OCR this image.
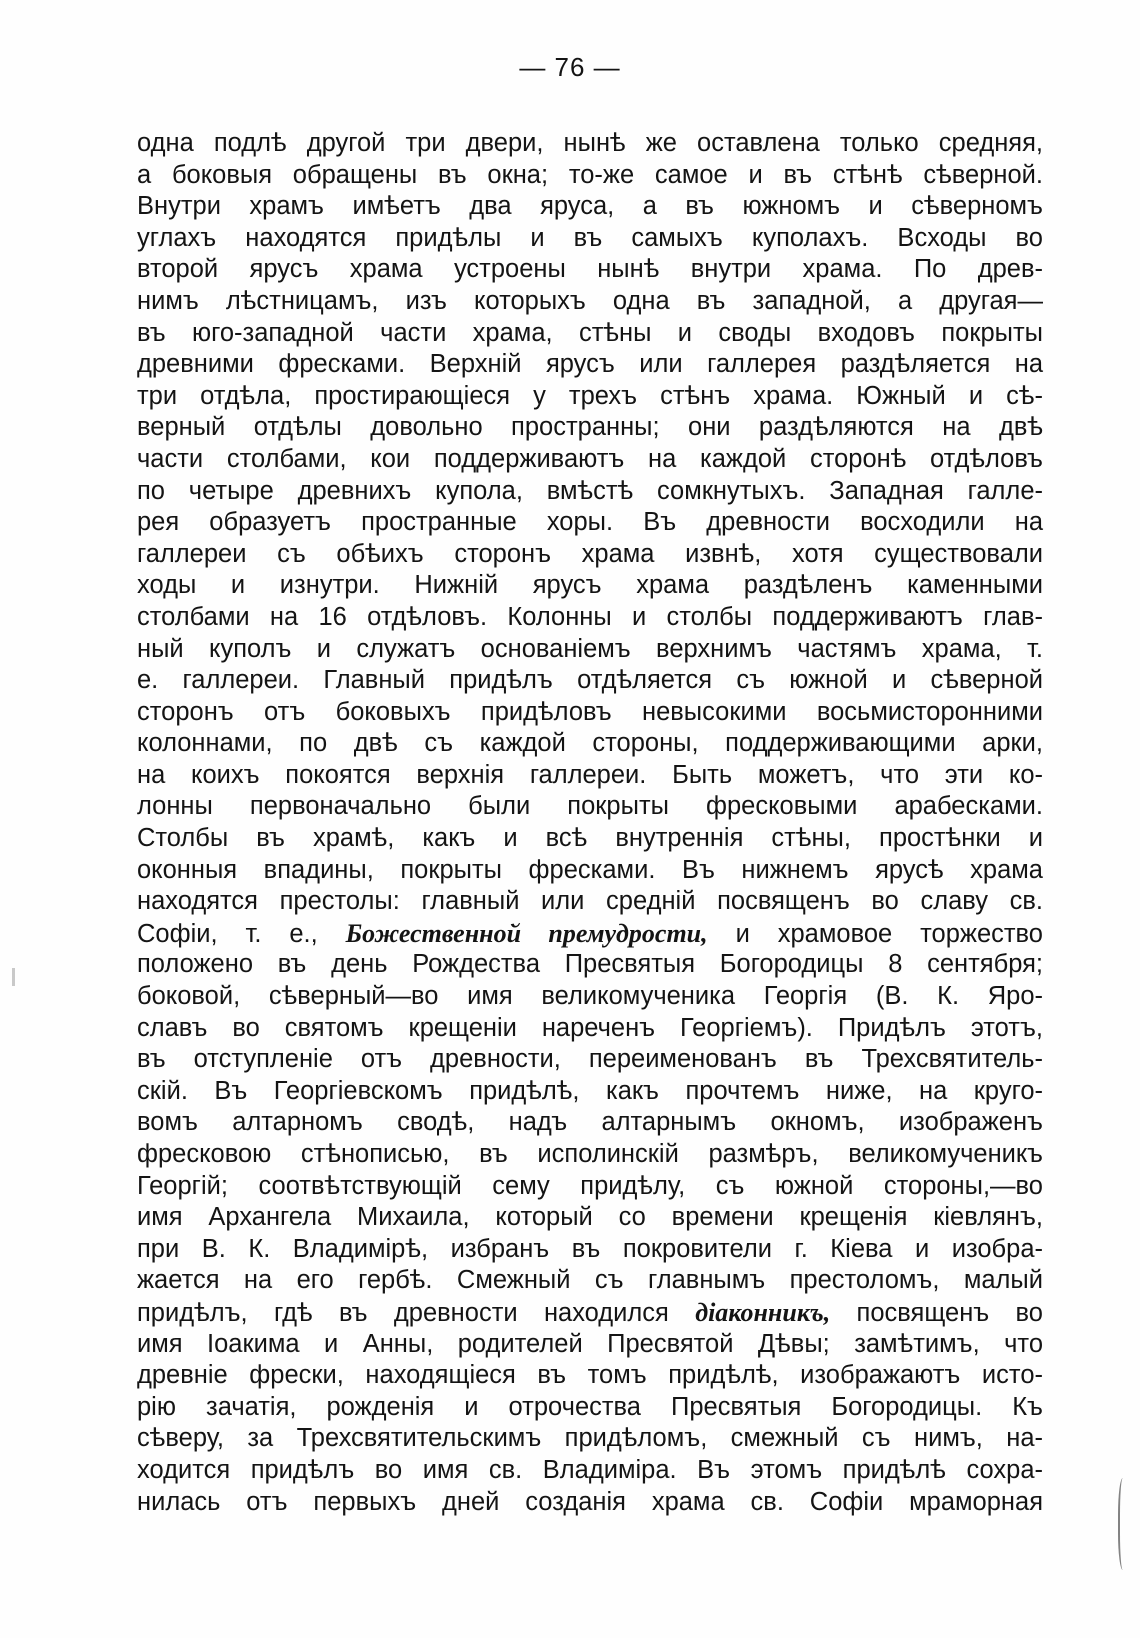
— 76 —
одна подлѣ другой три двери, нынѣ же оставлена только средняя,
а боковыя обращены въ окна; то-же самое и въ стѣнѣ сѣверной.
Внутри храмъ имѣетъ два яруса, а въ южномъ и сѣверномъ
углахъ находятся придѣлы и въ самыхъ куполахъ. Всходы во
второй ярусъ храма устроены нынѣ внутри храма. По древ-
нимъ лѣстницамъ, изъ которыхъ одна въ западной, а другая—
въ юго-западной части храма, стѣны и своды входовъ покрыты
древними фресками. Верхній ярусъ или галлерея раздѣляется на
три отдѣла, простирающіеся у трехъ стѣнъ храма. Южный и сѣ-
верный отдѣлы довольно пространны; они раздѣляются на двѣ
части столбами, кои поддерживаютъ на каждой сторонѣ отдѣловъ
по четыре древнихъ купола, вмѣстѣ сомкнутыхъ. Западная галле-
рея образуетъ пространные хоры. Въ древности восходили на
галлереи съ обѣихъ сторонъ храма извнѣ, хотя существовали
ходы и изнутри. Нижній ярусъ храма раздѣленъ каменными
столбами на 16 отдѣловъ. Колонны и столбы поддерживаютъ глав-
ный куполъ и служатъ основаніемъ верхнимъ частямъ храма, т.
е. галлереи. Главный придѣлъ отдѣляется съ южной и сѣверной
сторонъ отъ боковыхъ придѣловъ невысокими восьмисторонними
колоннами, по двѣ съ каждой стороны, поддерживающими арки,
на коихъ покоятся верхнія галлереи. Быть можетъ, что эти ко-
лонны первоначально были покрыты фресковыми арабесками.
Столбы въ храмѣ, какъ и всѣ внутреннія стѣны, простѣнки и
оконныя впадины, покрыты фресками. Въ нижнемъ ярусѣ храма
находятся престолы: главный или средній посвященъ во славу св.
Софіи, т. е., Божественной премудрости, и храмовое торжество
положено въ день Рождества Пресвятыя Богородицы 8 сентября;
боковой, сѣверный—во имя великомученика Георгія (В. К. Яро-
славъ во святомъ крещеніи нареченъ Георгіемъ). Придѣлъ этотъ,
въ отступленіе отъ древности, переименованъ въ Трехсвятитель-
скій. Въ Георгіевскомъ придѣлѣ, какъ прочтемъ ниже, на круго-
вомъ алтарномъ сводѣ, надъ алтарнымъ окномъ, изображенъ
фресковою стѣнописью, въ исполинскій размѣръ, великомученикъ
Георгій; соотвѣтствующій сему придѣлу, съ южной стороны,—во
имя Архангела Михаила, который со времени крещенія кіевлянъ,
при В. К. Владимірѣ, избранъ въ покровители г. Кіева и изобра-
жается на его гербѣ. Смежный съ главнымъ престоломъ, малый
придѣлъ, гдѣ въ древности находился діаконникъ, посвященъ во
имя Іоакима и Анны, родителей Пресвятой Дѣвы; замѣтимъ, что
древніе фрески, находящіеся въ томъ придѣлѣ, изображаютъ исто-
рію зачатія, рожденія и отрочества Пресвятыя Богородицы. Къ
сѣверу, за Трехсвятительскимъ придѣломъ, смежный съ нимъ, на-
ходится придѣлъ во имя св. Владиміра. Въ этомъ придѣлѣ сохра-
нилась отъ первыхъ дней созданія храма св. Софіи мраморная
